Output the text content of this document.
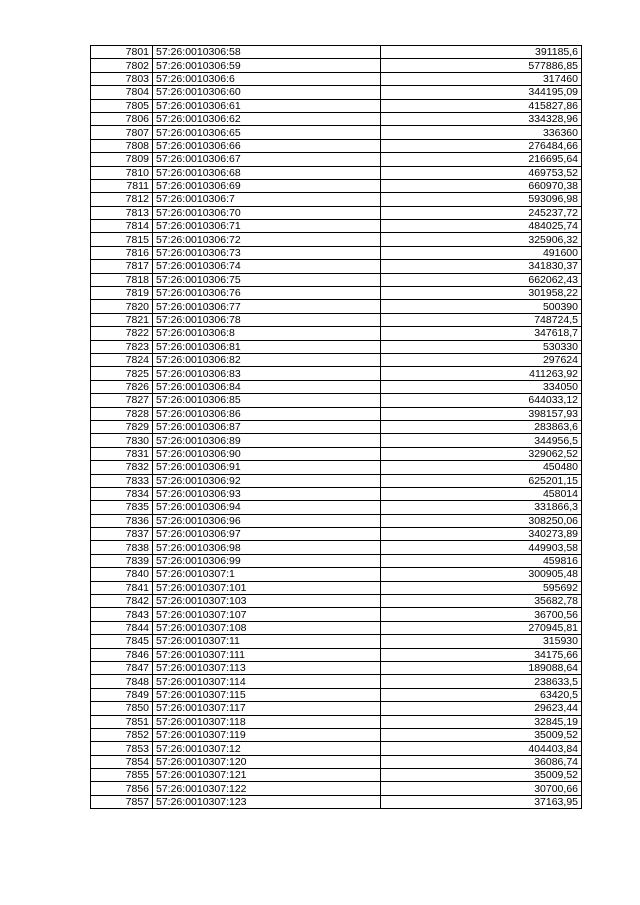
7801	57:26:0010306:58	391185,6
7802	57:26:0010306:59	577886,85
7803	57:26:0010306:6	317460
7804	57:26:0010306:60	344195,09
7805	57:26:0010306:61	415827,86
7806	57:26:0010306:62	334328,96
7807	57:26:0010306:65	336360
7808	57:26:0010306:66	276484,66
7809	57:26:0010306:67	216695,64
7810	57:26:0010306:68	469753,52
7811	57:26:0010306:69	660970,38
7812	57:26:0010306:7	593096,98
7813	57:26:0010306:70	245237,72
7814	57:26:0010306:71	484025,74
7815	57:26:0010306:72	325906,32
7816	57:26:0010306:73	491600
7817	57:26:0010306:74	341830,37
7818	57:26:0010306:75	662062,43
7819	57:26:0010306:76	301958,22
7820	57:26:0010306:77	500390
7821	57:26:0010306:78	748724,5
7822	57:26:0010306:8	347618,7
7823	57:26:0010306:81	530330
7824	57:26:0010306:82	297624
7825	57:26:0010306:83	411263,92
7826	57:26:0010306:84	334050
7827	57:26:0010306:85	644033,12
7828	57:26:0010306:86	398157,93
7829	57:26:0010306:87	283863,6
7830	57:26:0010306:89	344956,5
7831	57:26:0010306:90	329062,52
7832	57:26:0010306:91	450480
7833	57:26:0010306:92	625201,15
7834	57:26:0010306:93	458014
7835	57:26:0010306:94	331866,3
7836	57:26:0010306:96	308250,06
7837	57:26:0010306:97	340273,89
7838	57:26:0010306:98	449903,58
7839	57:26:0010306:99	459816
7840	57:26:0010307:1	300905,48
7841	57:26:0010307:101	595692
7842	57:26:0010307:103	35682,78
7843	57:26:0010307:107	36700,56
7844	57:26:0010307:108	270945,81
7845	57:26:0010307:11	315930
7846	57:26:0010307:111	34175,66
7847	57:26:0010307:113	189088,64
7848	57:26:0010307:114	238633,5
7849	57:26:0010307:115	63420,5
7850	57:26:0010307:117	29623,44
7851	57:26:0010307:118	32845,19
7852	57:26:0010307:119	35009,52
7853	57:26:0010307:12	404403,84
7854	57:26:0010307:120	36086,74
7855	57:26:0010307:121	35009,52
7856	57:26:0010307:122	30700,66
7857	57:26:0010307:123	37163,95
